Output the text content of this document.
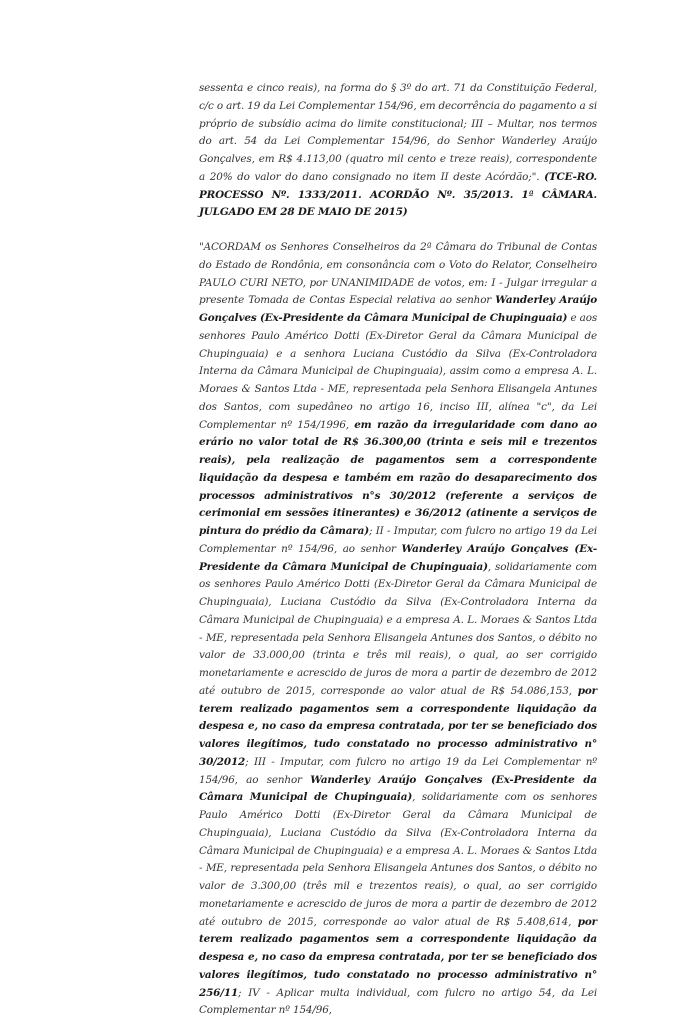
sessenta e cinco reais), na forma do § 3º do art. 71 da Constituição Federal, c/c o art. 19 da Lei Complementar 154/96, em decorrência do pagamento a si próprio de subsídio acima do limite constitucional; III – Multar, nos termos do art. 54 da Lei Complementar 154/96, do Senhor Wanderley Araújo Gonçalves, em R$ 4.113,00 (quatro mil cento e treze reais), correspondente a 20% do valor do dano consignado no item II deste Acórdão;". (TCE-RO. PROCESSO Nº. 1333/2011. ACORDÃO Nº. 35/2013. 1ª CÂMARA. JULGADO EM 28 DE MAIO DE 2015)

"ACORDAM os Senhores Conselheiros da 2ª Câmara do Tribunal de Contas do Estado de Rondônia, em consonância com o Voto do Relator, Conselheiro PAULO CURI NETO, por UNANIMIDADE de votos, em: I - Julgar irregular a presente Tomada de Contas Especial relativa ao senhor Wanderley Araújo Gonçalves (Ex-Presidente da Câmara Municipal de Chupinguaia) e aos senhores Paulo Américo Dotti (Ex-Diretor Geral da Câmara Municipal de Chupinguaia) e a senhora Luciana Custódio da Silva (Ex-Controladora Interna da Câmara Municipal de Chupinguaia), assim como a empresa A. L. Moraes & Santos Ltda - ME, representada pela Senhora Elisangela Antunes dos Santos, com supedâneo no artigo 16, inciso III, alínea "c", da Lei Complementar nº 154/1996, em razão da irregularidade com dano ao erário no valor total de R$ 36.300,00 (trinta e seis mil e trezentos reais), pela realização de pagamentos sem a correspondente liquidação da despesa e também em razão do desaparecimento dos processos administrativos n°s 30/2012 (referente a serviços de cerimonial em sessões itinerantes) e 36/2012 (atinente a serviços de pintura do prédio da Câmara); II - Imputar, com fulcro no artigo 19 da Lei Complementar nº 154/96, ao senhor Wanderley Araújo Gonçalves (Ex-Presidente da Câmara Municipal de Chupinguaia), solidariamente com os senhores Paulo Américo Dotti (Ex-Diretor Geral da Câmara Municipal de Chupinguaia), Luciana Custódio da Silva (Ex-Controladora Interna da Câmara Municipal de Chupinguaia) e a empresa A. L. Moraes & Santos Ltda - ME, representada pela Senhora Elisangela Antunes dos Santos, o débito no valor de 33.000,00 (trinta e três mil reais), o qual, ao ser corrigido monetariamente e acrescido de juros de mora a partir de dezembro de 2012 até outubro de 2015, corresponde ao valor atual de R$ 54.086,153, por terem realizado pagamentos sem a correspondente liquidação da despesa e, no caso da empresa contratada, por ter se beneficiado dos valores ilegítimos, tudo constatado no processo administrativo n° 30/2012; III - Imputar, com fulcro no artigo 19 da Lei Complementar nº 154/96, ao senhor Wanderley Araújo Gonçalves (Ex-Presidente da Câmara Municipal de Chupinguaia), solidariamente com os senhores Paulo Américo Dotti (Ex-Diretor Geral da Câmara Municipal de Chupinguaia), Luciana Custódio da Silva (Ex-Controladora Interna da Câmara Municipal de Chupinguaia) e a empresa A. L. Moraes & Santos Ltda - ME, representada pela Senhora Elisangela Antunes dos Santos, o débito no valor de 3.300,00 (três mil e trezentos reais), o qual, ao ser corrigido monetariamente e acrescido de juros de mora a partir de dezembro de 2012 até outubro de 2015, corresponde ao valor atual de R$ 5.408,614, por terem realizado pagamentos sem a correspondente liquidação da despesa e, no caso da empresa contratada, por ter se beneficiado dos valores ilegítimos, tudo constatado no processo administrativo n° 256/11; IV - Aplicar multa individual, com fulcro no artigo 54, da Lei Complementar nº 154/96,
